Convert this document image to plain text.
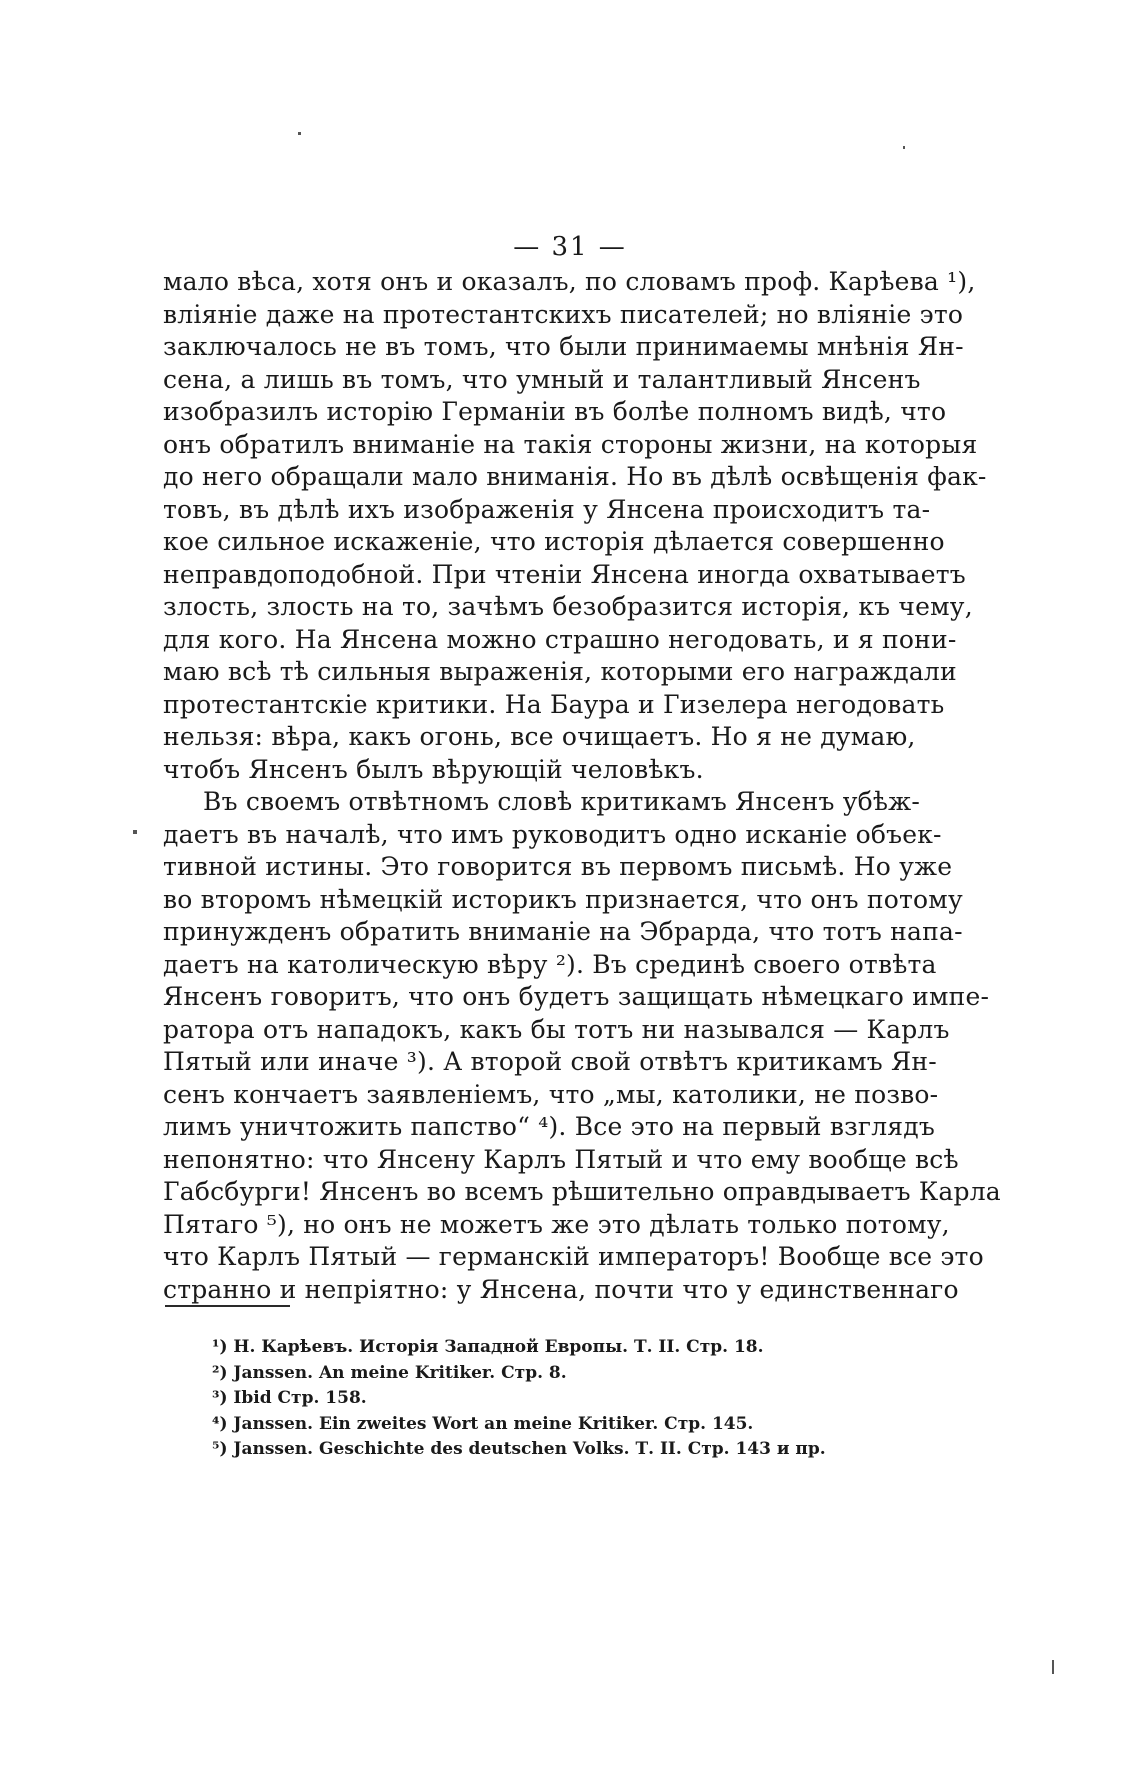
— 31 —
мало вѣса, хотя онъ и оказалъ, по словамъ проф. Карѣева ¹),
вліяніе даже на протестантскихъ писателей; но вліяніе это
заключалось не въ томъ, что были принимаемы мнѣнія Ян-
сена, а лишь въ томъ, что умный и талантливый Янсенъ
изобразилъ исторію Германіи въ болѣе полномъ видѣ, что
онъ обратилъ вниманіе на такія стороны жизни, на которыя
до него обращали мало вниманія. Но въ дѣлѣ освѣщенія фак-
товъ, въ дѣлѣ ихъ изображенія у Янсена происходитъ та-
кое сильное искаженіе, что исторія дѣлается совершенно
неправдоподобной. При чтеніи Янсена иногда охватываетъ
злость, злость на то, зачѣмъ безобразится исторія, къ чему,
для кого. На Янсена можно страшно негодовать, и я пони-
маю всѣ тѣ сильныя выраженія, которыми его награждали
протестантскіе критики. На Баура и Гизелера негодовать
нельзя: вѣра, какъ огонь, все очищаетъ. Но я не думаю,
чтобъ Янсенъ былъ вѣрующій человѣкъ.
Въ своемъ отвѣтномъ словѣ критикамъ Янсенъ убѣж-
даетъ въ началѣ, что имъ руководитъ одно исканіе объек-
тивной истины. Это говорится въ первомъ письмѣ. Но уже
во второмъ нѣмецкій историкъ признается, что онъ потому
принужденъ обратить вниманіе на Эбрарда, что тотъ напа-
даетъ на католическую вѣру ²). Въ срединѣ своего отвѣта
Янсенъ говоритъ, что онъ будетъ защищать нѣмецкаго импе-
ратора отъ нападокъ, какъ бы тотъ ни назывался — Карлъ
Пятый или иначе ³). А второй свой отвѣтъ критикамъ Ян-
сенъ кончаетъ заявленіемъ, что „мы, католики, не позво-
лимъ уничтожить папство“ ⁴). Все это на первый взглядъ
непонятно: что Янсену Карлъ Пятый и что ему вообще всѣ
Габсбурги! Янсенъ во всемъ рѣшительно оправдываетъ Карла
Пятаго ⁵), но онъ не можетъ же это дѣлать только потому,
что Карлъ Пятый — германскій императоръ! Вообще все это
странно и непріятно: у Янсена, почти что у единственнаго
¹) Н. Карѣевъ. Исторія Западной Европы. Т. II. Стр. 18.
²) Janssen. An meine Kritiker. Стр. 8.
³) Ibid Стр. 158.
⁴) Janssen. Ein zweites Wort an meine Kritiker. Стр. 145.
⁵) Janssen. Geschichte des deutschen Volks. Т. II. Стр. 143 и пр.
